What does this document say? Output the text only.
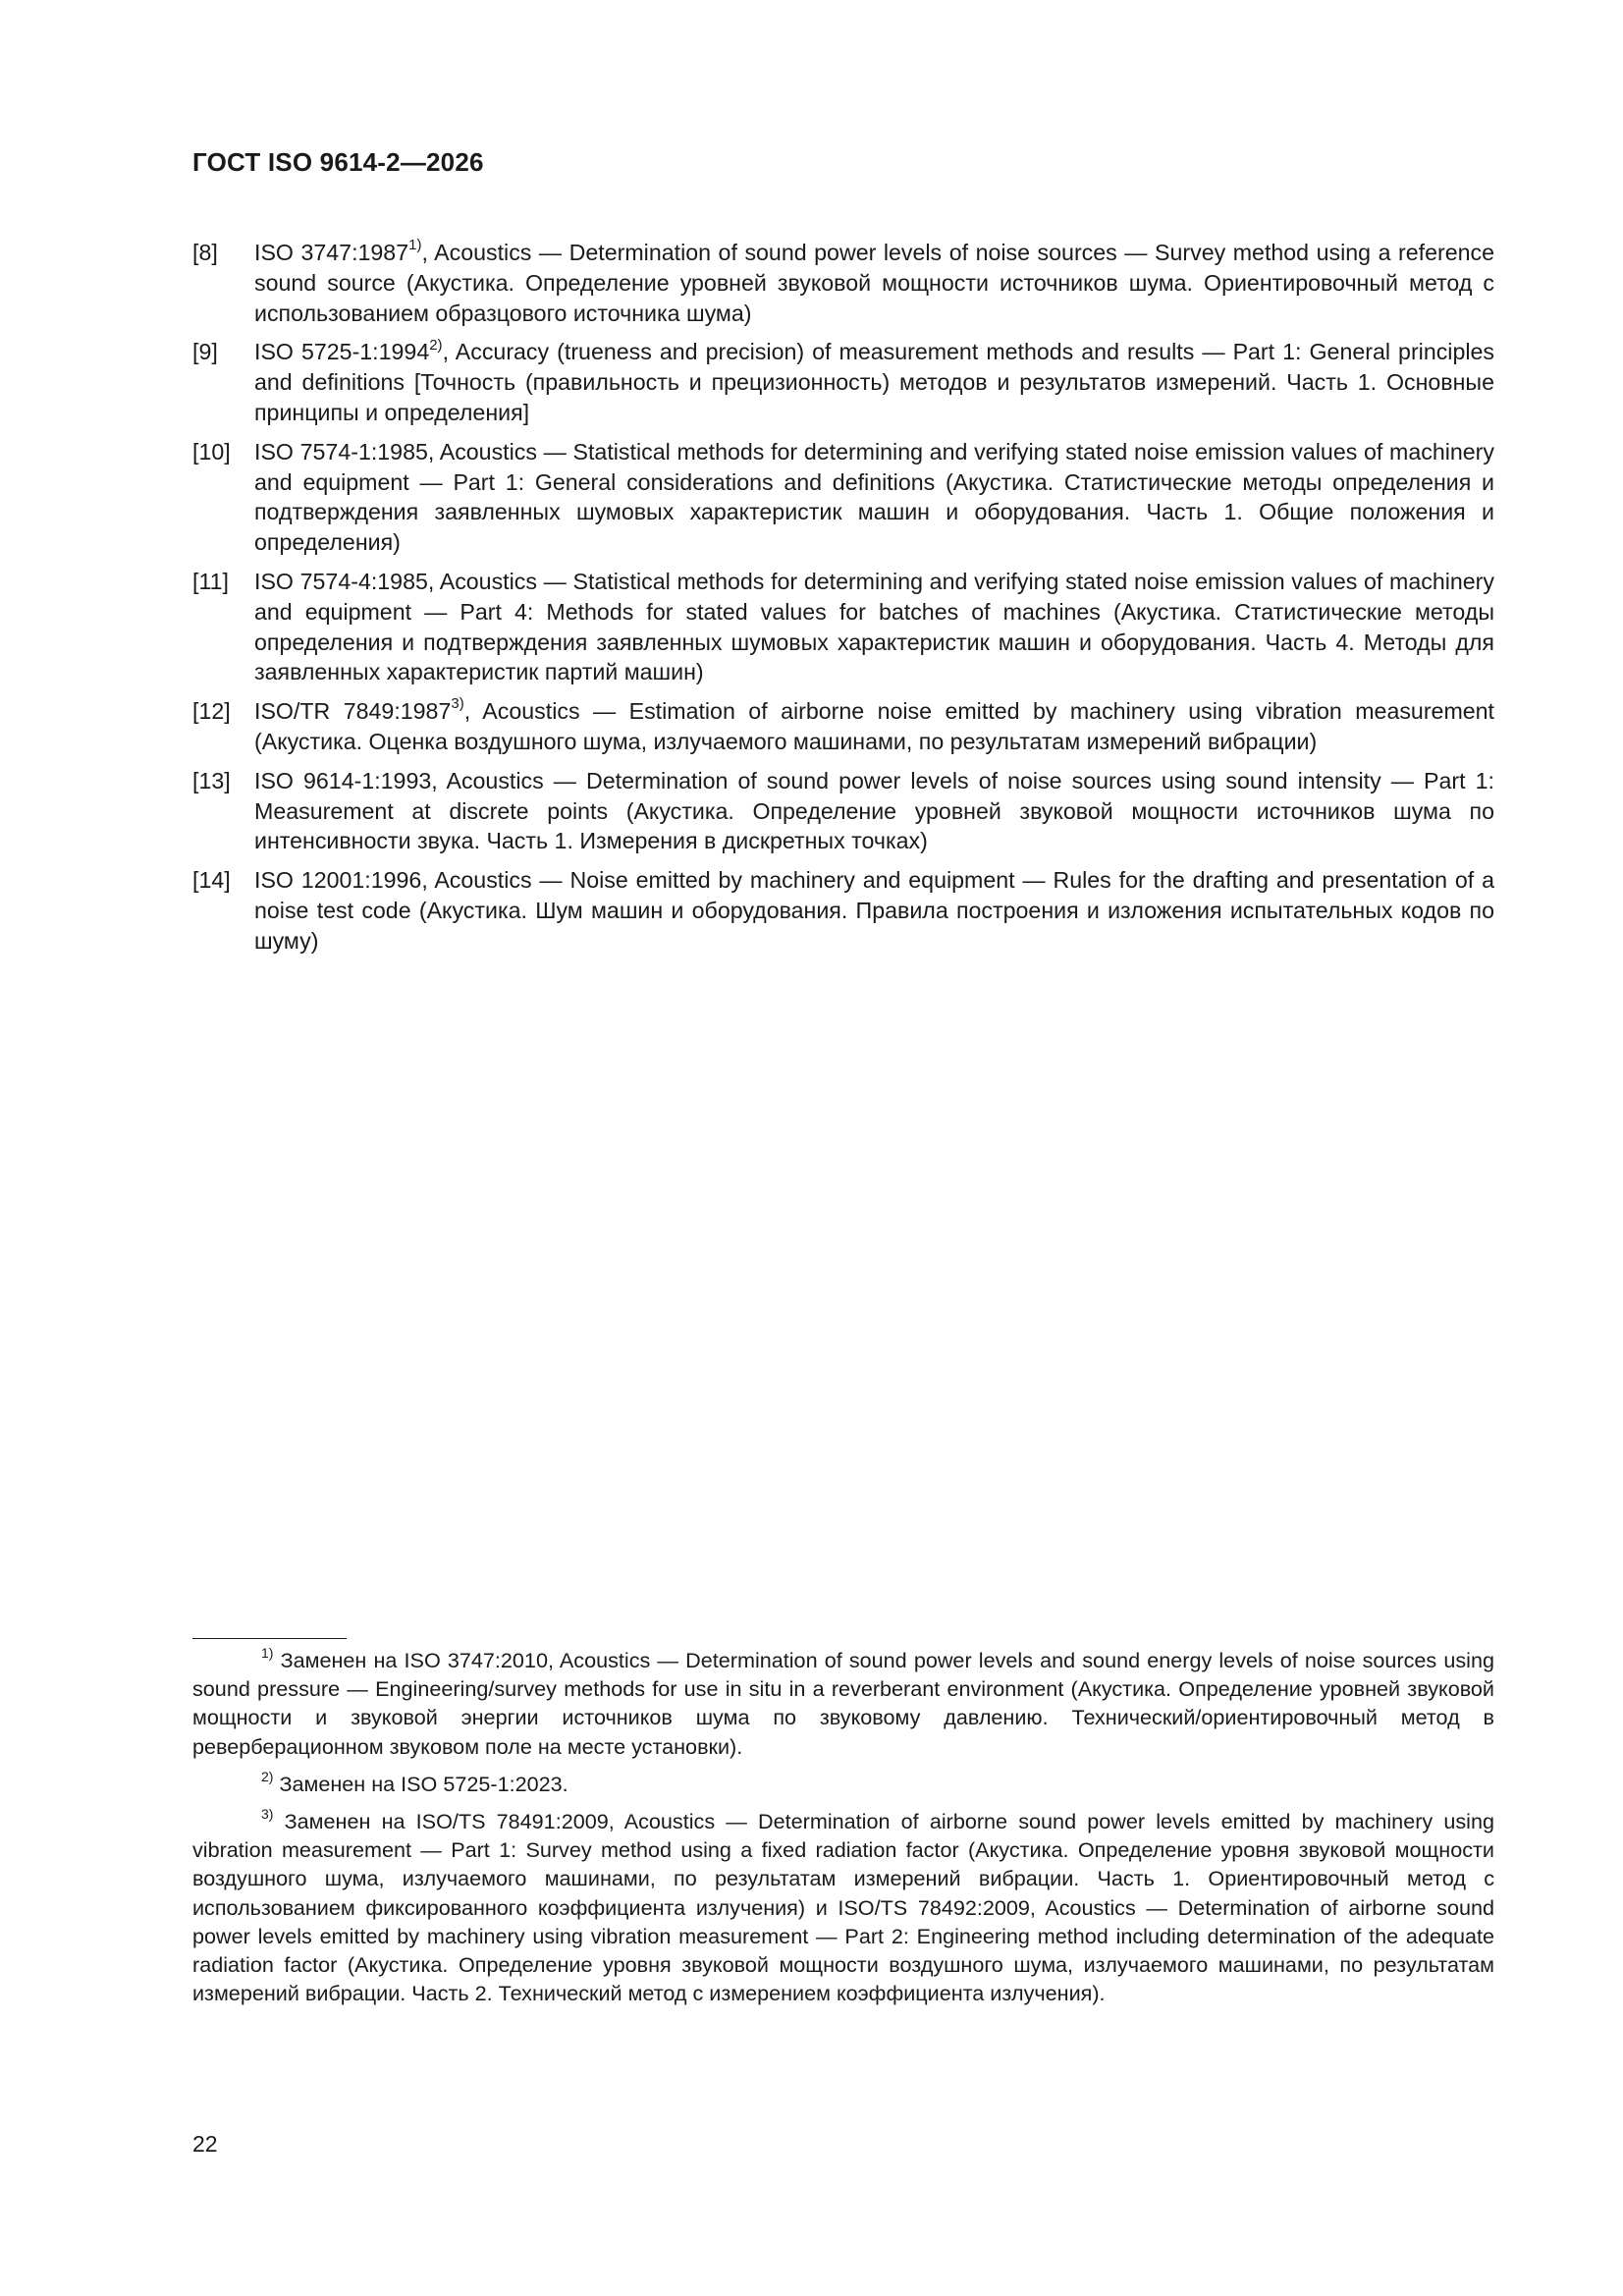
ГОСТ ISO 9614-2—2026
[8]	ISO 3747:1987$^{1)}$, Acoustics — Determination of sound power levels of noise sources — Survey method using a reference sound source (Акустика. Определение уровней звуковой мощности источников шума. Ориентировочный метод с использованием образцового источника шума)
[9]	ISO 5725-1:1994$^{2)}$, Accuracy (trueness and precision) of measurement methods and results — Part 1: General principles and definitions [Точность (правильность и прецизионность) методов и результатов измерений. Часть 1. Основные принципы и определения]
[10]	ISO 7574-1:1985, Acoustics — Statistical methods for determining and verifying stated noise emission values of machinery and equipment — Part 1: General considerations and definitions (Акустика. Статистические методы определения и подтверждения заявленных шумовых характеристик машин и оборудования. Часть 1. Общие положения и определения)
[11]	ISO 7574-4:1985, Acoustics — Statistical methods for determining and verifying stated noise emission values of machinery and equipment — Part 4: Methods for stated values for batches of machines (Акустика. Статистические методы определения и подтверждения заявленных шумовых характеристик машин и оборудования. Часть 4. Методы для заявленных характеристик партий машин)
[12]	ISO/TR 7849:1987$^{3)}$, Acoustics — Estimation of airborne noise emitted by machinery using vibration measurement (Акустика. Оценка воздушного шума, излучаемого машинами, по результатам измерений вибрации)
[13]	ISO 9614-1:1993, Acoustics — Determination of sound power levels of noise sources using sound intensity — Part 1: Measurement at discrete points (Акустика. Определение уровней звуковой мощности источников шума по интенсивности звука. Часть 1. Измерения в дискретных точках)
[14]	ISO 12001:1996, Acoustics — Noise emitted by machinery and equipment — Rules for the drafting and presentation of a noise test code (Акустика. Шум машин и оборудования. Правила построения и изложения испытательных кодов по шуму)
$^{1)}$ Заменен на ISO 3747:2010, Acoustics — Determination of sound power levels and sound energy levels of noise sources using sound pressure — Engineering/survey methods for use in situ in a reverberant environment (Акустика. Определение уровней звуковой мощности и звуковой энергии источников шума по звуковому давлению. Технический/ориентировочный метод в реверберационном звуковом поле на месте установки).
$^{2)}$ Заменен на ISO 5725-1:2023.
$^{3)}$ Заменен на ISO/TS 78491:2009, Acoustics — Determination of airborne sound power levels emitted by machinery using vibration measurement — Part 1: Survey method using a fixed radiation factor (Акустика. Определение уровня звуковой мощности воздушного шума, излучаемого машинами, по результатам измерений вибрации. Часть 1. Ориентировочный метод с использованием фиксированного коэффициента излучения) и ISO/TS 78492:2009, Acoustics — Determination of airborne sound power levels emitted by machinery using vibration measurement — Part 2: Engineering method including determination of the adequate radiation factor (Акустика. Определение уровня звуковой мощности воздушного шума, излучаемого машинами, по результатам измерений вибрации. Часть 2. Технический метод с измерением коэффициента излучения).
22
